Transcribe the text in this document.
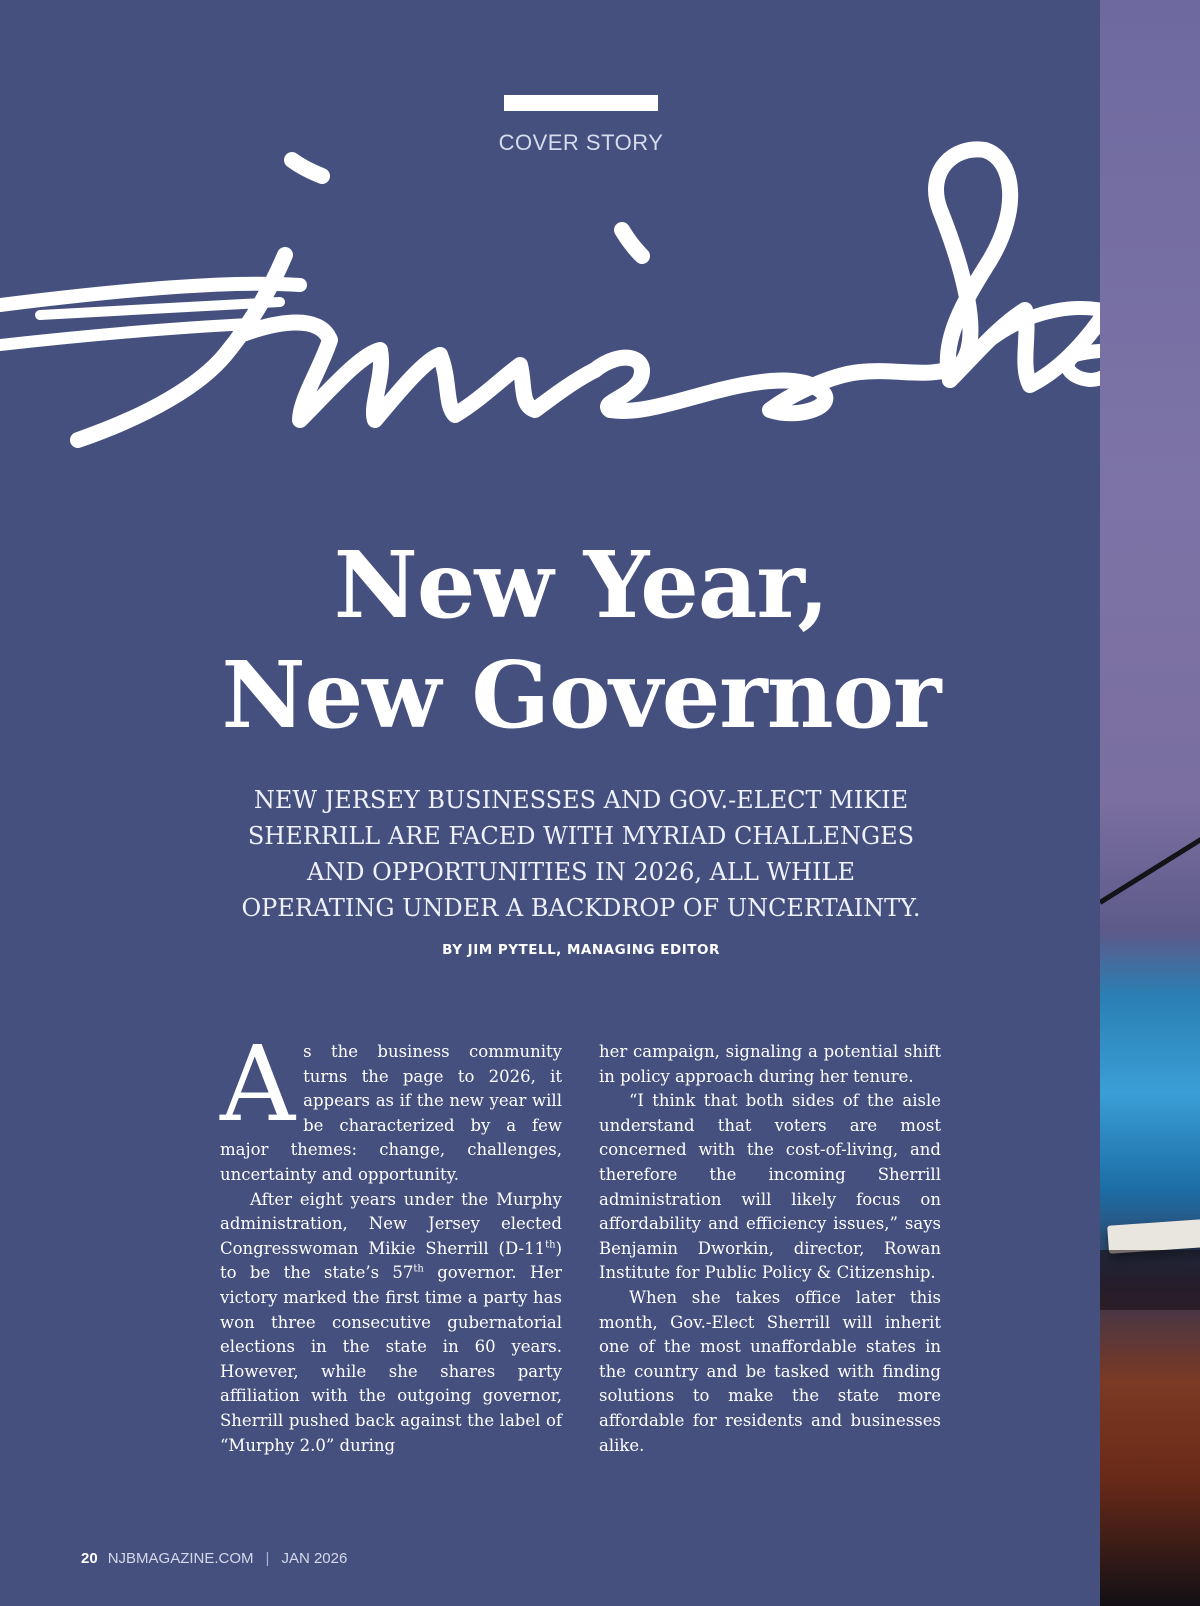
COVER STORY
New Year,
New Governor

NEW JERSEY BUSINESSES AND GOV.-ELECT MIKIE
SHERRILL ARE FACED WITH MYRIAD CHALLENGES
AND OPPORTUNITIES IN 2026, ALL WHILE
OPERATING UNDER A BACKDROP OF UNCERTAINTY.

BY JIM PYTELL, MANAGING EDITOR

As the business community turns the page to 2026, it appears as if the new year will be characterized by a few major themes: change, challenges, uncertainty and opportunity.

After eight years under the Murphy administration, New Jersey elected Congresswoman Mikie Sherrill (D-11th) to be the state’s 57th governor. Her victory marked the first time a party has won three consecutive gubernatorial elections in the state in 60 years. However, while she shares party affiliation with the outgoing governor, Sherrill pushed back against the label of “Murphy 2.0” during

her campaign, signaling a potential shift in policy approach during her tenure.

“I think that both sides of the aisle understand that voters are most concerned with the cost-of-living, and therefore the incoming Sherrill administration will likely focus on affordability and efficiency issues,” says Benjamin Dworkin, director, Rowan Institute for Public Policy & Citizenship.

When she takes office later this month, Gov.-Elect Sherrill will inherit one of the most unaffordable states in the country and be tasked with finding solutions to make the state more affordable for residents and businesses alike.

20 NJBMAGAZINE.COM | JAN 2026
